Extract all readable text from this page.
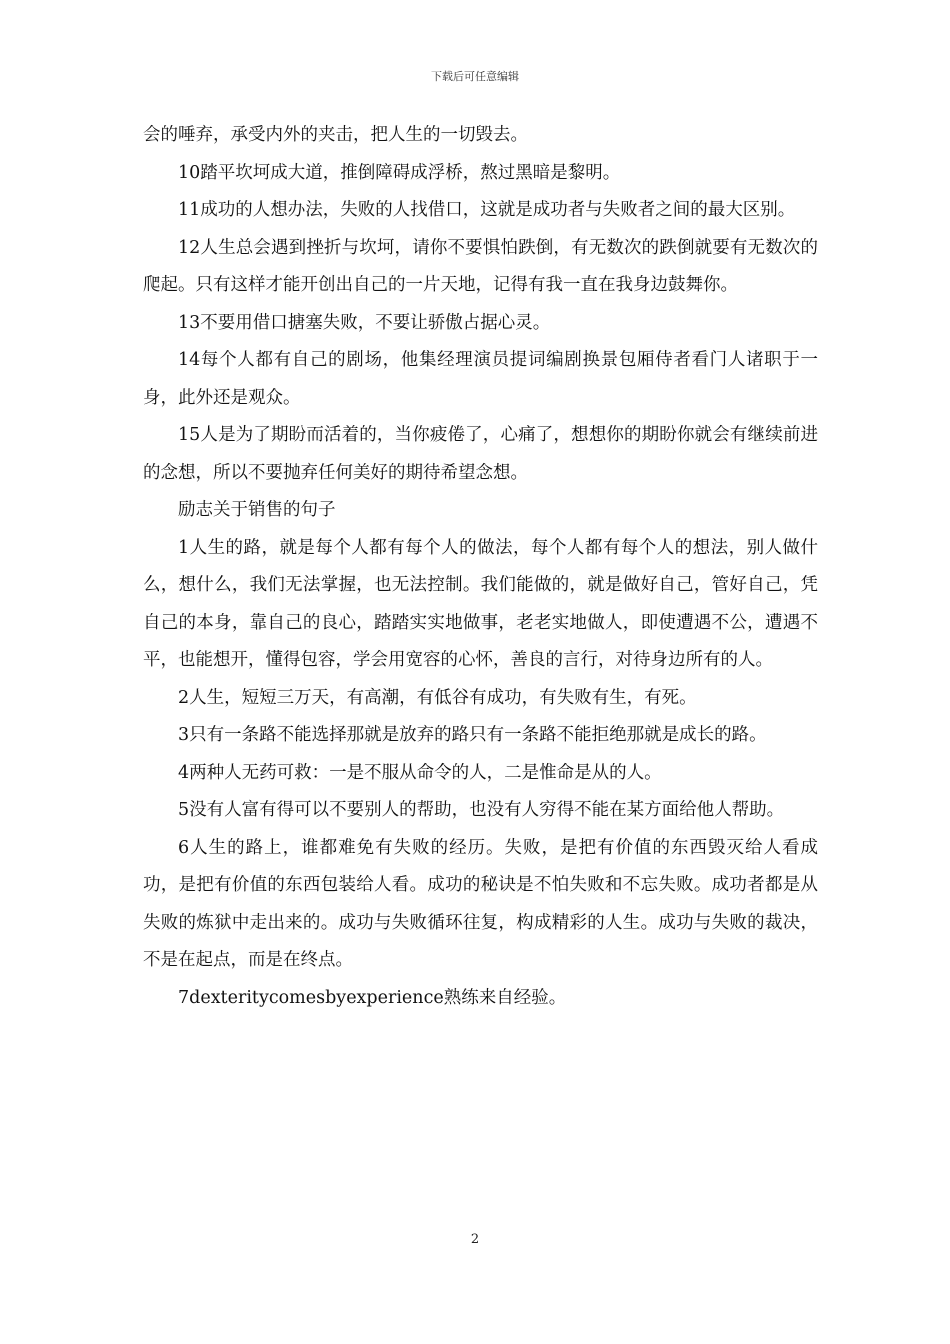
下载后可任意编辑

会的唾弃，承受内外的夹击，把人生的一切毁去。

10踏平坎坷成大道，推倒障碍成浮桥，熬过黑暗是黎明。

11成功的人想办法，失败的人找借口，这就是成功者与失败者之间的最大区别。

12人生总会遇到挫折与坎坷，请你不要惧怕跌倒，有无数次的跌倒就要有无数次的爬起。只有这样才能开创出自己的一片天地，记得有我一直在我身边鼓舞你。

13不要用借口搪塞失败，不要让骄傲占据心灵。

14每个人都有自己的剧场，他集经理演员提词编剧换景包厢侍者看门人诸职于一身，此外还是观众。

15人是为了期盼而活着的，当你疲倦了，心痛了，想想你的期盼你就会有继续前进的念想，所以不要抛弃任何美好的期待希望念想。

励志关于销售的句子

1人生的路，就是每个人都有每个人的做法，每个人都有每个人的想法，别人做什么，想什么，我们无法掌握，也无法控制。我们能做的，就是做好自己，管好自己，凭自己的本身，靠自己的良心，踏踏实实地做事，老老实地做人，即使遭遇不公，遭遇不平，也能想开，懂得包容，学会用宽容的心怀，善良的言行，对待身边所有的人。

2人生，短短三万天，有高潮，有低谷有成功，有失败有生，有死。

3只有一条路不能选择那就是放弃的路只有一条路不能拒绝那就是成长的路。

4两种人无药可救：一是不服从命令的人，二是惟命是从的人。

5没有人富有得可以不要别人的帮助，也没有人穷得不能在某方面给他人帮助。

6人生的路上，谁都难免有失败的经历。失败，是把有价值的东西毁灭给人看成功，是把有价值的东西包装给人看。成功的秘诀是不怕失败和不忘失败。成功者都是从失败的炼狱中走出来的。成功与失败循环往复，构成精彩的人生。成功与失败的裁决，不是在起点，而是在终点。

7dexteritycomesbyexperience熟练来自经验。

2
